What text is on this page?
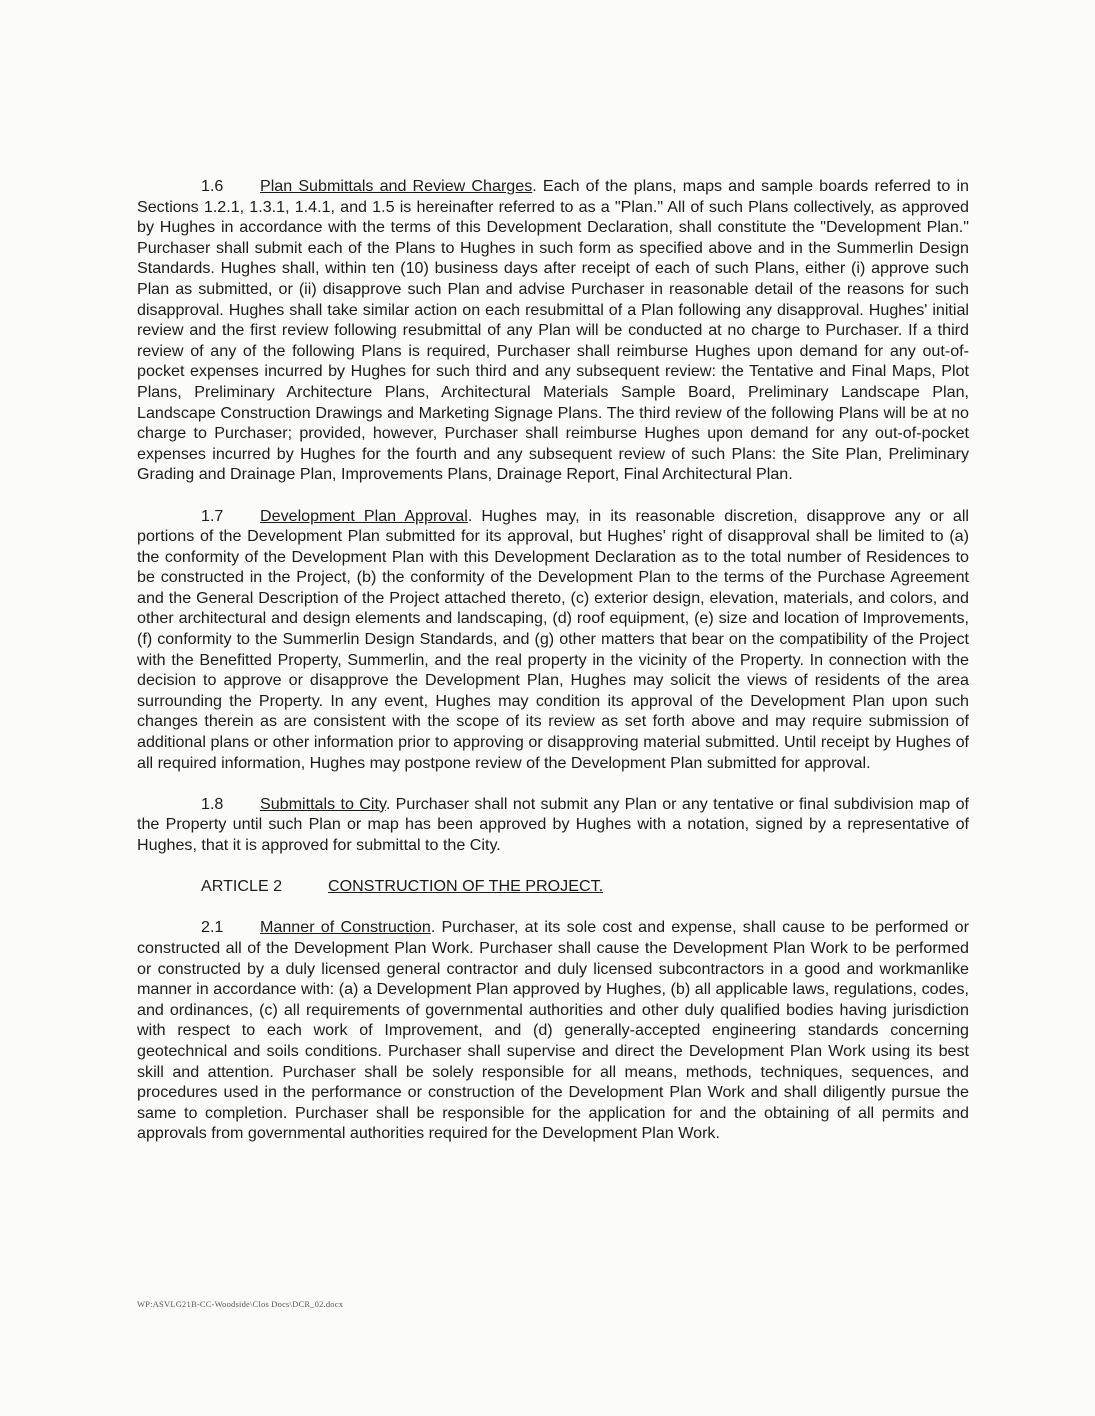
1.6 Plan Submittals and Review Charges. Each of the plans, maps and sample boards referred to in Sections 1.2.1, 1.3.1, 1.4.1, and 1.5 is hereinafter referred to as a "Plan." All of such Plans collectively, as approved by Hughes in accordance with the terms of this Development Declaration, shall constitute the "Development Plan." Purchaser shall submit each of the Plans to Hughes in such form as specified above and in the Summerlin Design Standards. Hughes shall, within ten (10) business days after receipt of each of such Plans, either (i) approve such Plan as submitted, or (ii) disapprove such Plan and advise Purchaser in reasonable detail of the reasons for such disapproval. Hughes shall take similar action on each resubmittal of a Plan following any disapproval. Hughes' initial review and the first review following resubmittal of any Plan will be conducted at no charge to Purchaser. If a third review of any of the following Plans is required, Purchaser shall reimburse Hughes upon demand for any out-of-pocket expenses incurred by Hughes for such third and any subsequent review: the Tentative and Final Maps, Plot Plans, Preliminary Architecture Plans, Architectural Materials Sample Board, Preliminary Landscape Plan, Landscape Construction Drawings and Marketing Signage Plans. The third review of the following Plans will be at no charge to Purchaser; provided, however, Purchaser shall reimburse Hughes upon demand for any out-of-pocket expenses incurred by Hughes for the fourth and any subsequent review of such Plans: the Site Plan, Preliminary Grading and Drainage Plan, Improvements Plans, Drainage Report, Final Architectural Plan.

1.7 Development Plan Approval. Hughes may, in its reasonable discretion, disapprove any or all portions of the Development Plan submitted for its approval, but Hughes' right of disapproval shall be limited to (a) the conformity of the Development Plan with this Development Declaration as to the total number of Residences to be constructed in the Project, (b) the conformity of the Development Plan to the terms of the Purchase Agreement and the General Description of the Project attached thereto, (c) exterior design, elevation, materials, and colors, and other architectural and design elements and landscaping, (d) roof equipment, (e) size and location of Improvements, (f) conformity to the Summerlin Design Standards, and (g) other matters that bear on the compatibility of the Project with the Benefitted Property, Summerlin, and the real property in the vicinity of the Property. In connection with the decision to approve or disapprove the Development Plan, Hughes may solicit the views of residents of the area surrounding the Property. In any event, Hughes may condition its approval of the Development Plan upon such changes therein as are consistent with the scope of its review as set forth above and may require submission of additional plans or other information prior to approving or disapproving material submitted. Until receipt by Hughes of all required information, Hughes may postpone review of the Development Plan submitted for approval.

1.8 Submittals to City. Purchaser shall not submit any Plan or any tentative or final subdivision map of the Property until such Plan or map has been approved by Hughes with a notation, signed by a representative of Hughes, that it is approved for submittal to the City.

ARTICLE 2	CONSTRUCTION OF THE PROJECT.

2.1 Manner of Construction. Purchaser, at its sole cost and expense, shall cause to be performed or constructed all of the Development Plan Work. Purchaser shall cause the Development Plan Work to be performed or constructed by a duly licensed general contractor and duly licensed subcontractors in a good and workmanlike manner in accordance with: (a) a Development Plan approved by Hughes, (b) all applicable laws, regulations, codes, and ordinances, (c) all requirements of governmental authorities and other duly qualified bodies having jurisdiction with respect to each work of Improvement, and (d) generally-accepted engineering standards concerning geotechnical and soils conditions. Purchaser shall supervise and direct the Development Plan Work using its best skill and attention. Purchaser shall be solely responsible for all means, methods, techniques, sequences, and procedures used in the performance or construction of the Development Plan Work and shall diligently pursue the same to completion. Purchaser shall be responsible for the application for and the obtaining of all permits and approvals from governmental authorities required for the Development Plan Work.

WP:ASVLG21B-CC-Woodside\Clos Docs\DCR_02.docx
